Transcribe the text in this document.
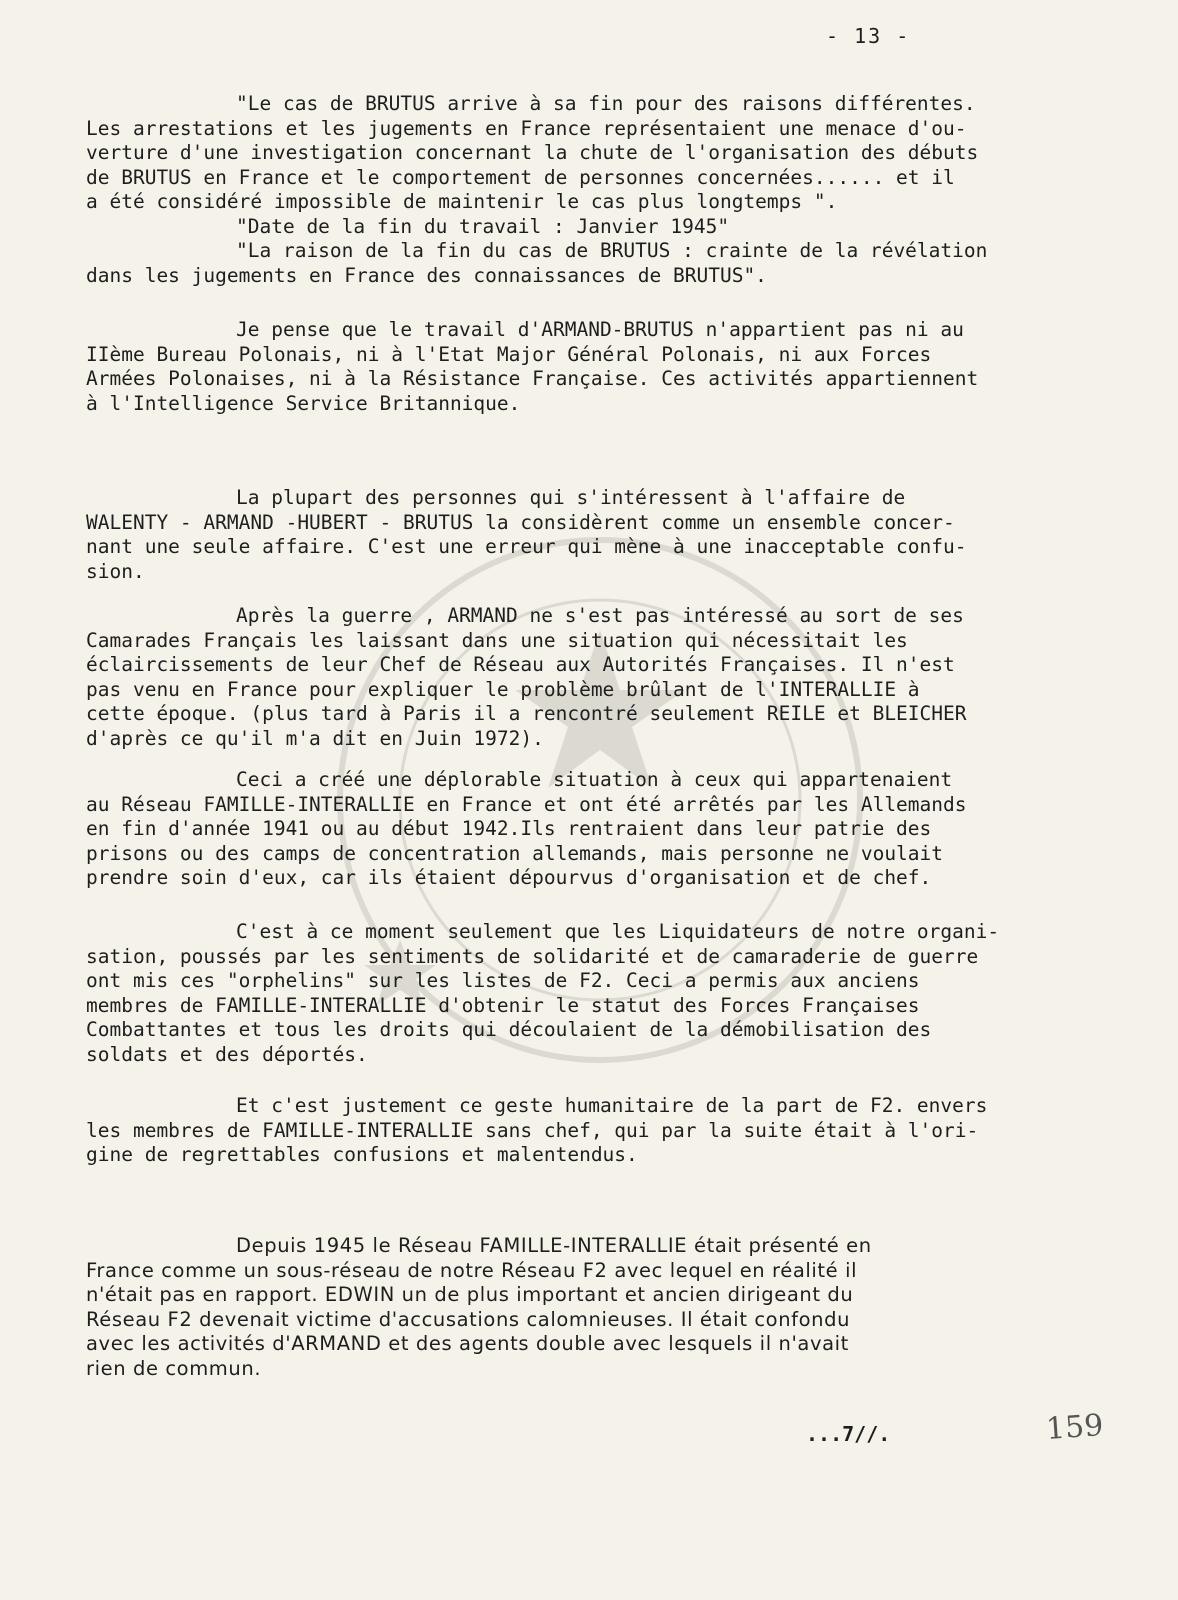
- 13 -
"Le cas de BRUTUS arrive à sa fin pour des raisons différentes.
Les arrestations et les jugements en France représentaient une menace d'ou-
verture d'une investigation concernant la chute de l'organisation des débuts
de BRUTUS en France et le comportement de personnes concernées...... et il
a été considéré impossible de maintenir le cas plus longtemps ".
"Date de la fin du travail : Janvier 1945"
"La raison de la fin du cas de BRUTUS : crainte de la révélation
dans les jugements en France des connaissances de BRUTUS".
Je pense que le travail d'ARMAND-BRUTUS n'appartient pas ni au
IIème Bureau Polonais, ni à l'Etat Major Général Polonais, ni aux Forces
Armées Polonaises, ni à la Résistance Française. Ces activités appartiennent
à l'Intelligence Service Britannique.
La plupart des personnes qui s'intéressent à l'affaire de
WALENTY - ARMAND -HUBERT - BRUTUS la considèrent comme un ensemble concer-
nant une seule affaire. C'est une erreur qui mène à une inacceptable confu-
sion.
Après la guerre , ARMAND ne s'est pas intéressé au sort de ses
Camarades Français les laissant dans une situation qui nécessitait les
éclaircissements de leur Chef de Réseau aux Autorités Françaises. Il n'est
pas venu en France pour expliquer le problème brûlant de l'INTERALLIE à
cette époque. (plus tard à Paris il a rencontré seulement REILE et BLEICHER
d'après ce qu'il m'a dit en Juin 1972).
Ceci a créé une déplorable situation à ceux qui appartenaient
au Réseau FAMILLE-INTERALLIE en France et ont été arrêtés par les Allemands
en fin d'année 1941 ou au début 1942.Ils rentraient dans leur patrie des
prisons ou des camps de concentration allemands, mais personne ne voulait
prendre soin d'eux, car ils étaient dépourvus d'organisation et de chef.
C'est à ce moment seulement que les Liquidateurs de notre organi-
sation, poussés par les sentiments de solidarité et de camaraderie de guerre
ont mis ces "orphelins" sur les listes de F2. Ceci a permis aux anciens
membres de FAMILLE-INTERALLIE d'obtenir le statut des Forces Françaises
Combattantes et tous les droits qui découlaient de la démobilisation des
soldats et des déportés.
Et c'est justement ce geste humanitaire de la part de F2. envers
les membres de FAMILLE-INTERALLIE sans chef, qui par la suite était à l'ori-
gine de regrettables confusions et malentendus.
Depuis 1945 le Réseau FAMILLE-INTERALLIE était présenté en
France comme un sous-réseau de notre Réseau F2 avec lequel en réalité il
n'était pas en rapport. EDWIN un de plus important et ancien dirigeant du
Réseau F2 devenait victime d'accusations calomnieuses. Il était confondu
avec les activités d'ARMAND et des agents double avec lesquels il n'avait
rien de commun.
...7//.	159
